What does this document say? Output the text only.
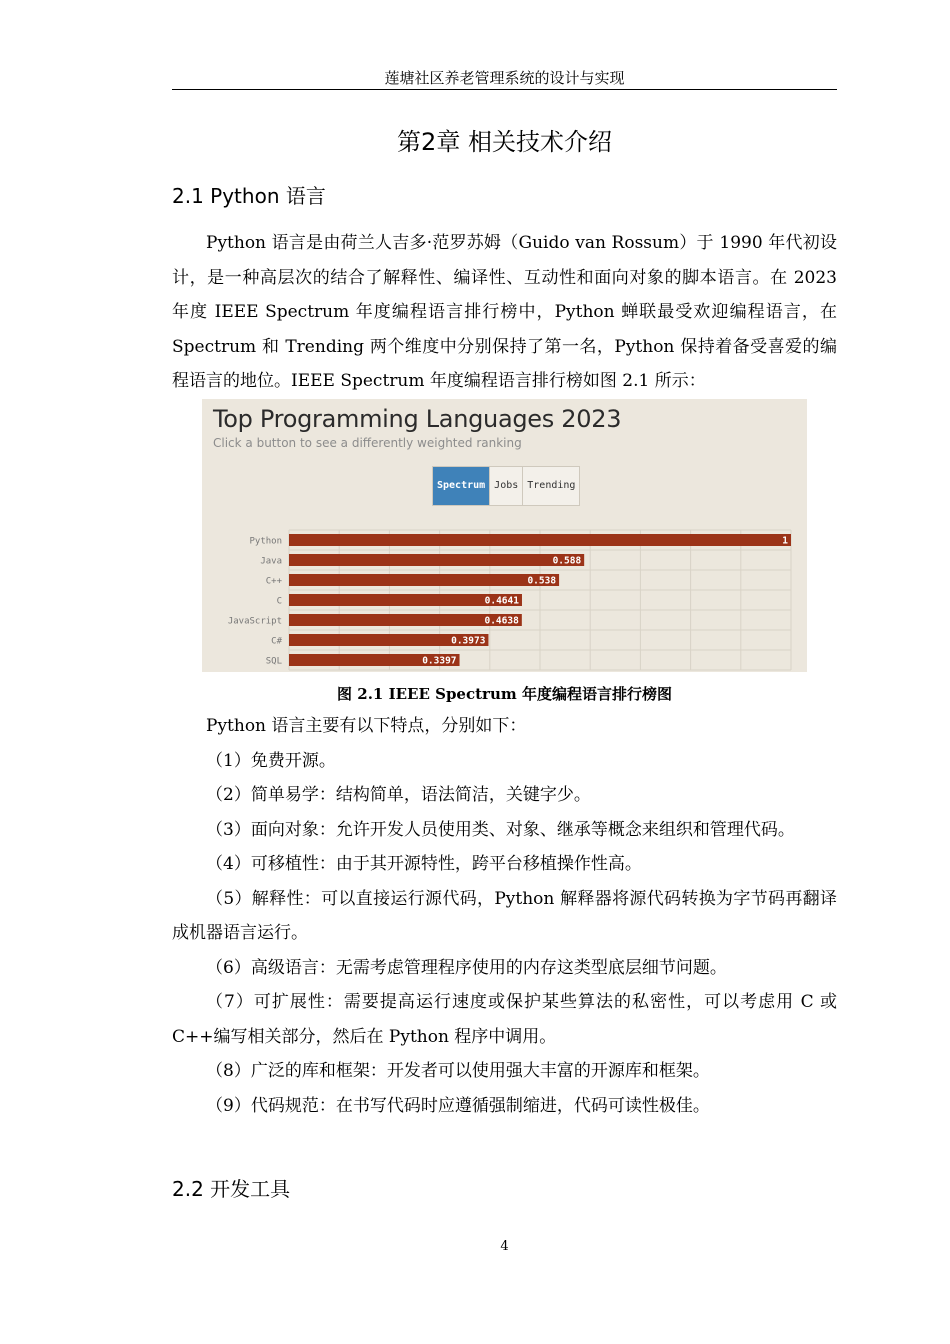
莲塘社区养老管理系统的设计与实现
第2章 相关技术介绍
2.1 Python 语言

Python 语言是由荷兰人吉多·范罗苏姆（Guido van Rossum）于 1990 年代初设计，是一种高层次的结合了解释性、编译性、互动性和面向对象的脚本语言。在 2023 年度 IEEE Spectrum 年度编程语言排行榜中，Python 蝉联最受欢迎编程语言，在 Spectrum 和 Trending 两个维度中分别保持了第一名，Python 保持着备受喜爱的编程语言的地位。IEEE Spectrum 年度编程语言排行榜如图 2.1 所示：

Python	1
Java	0.588
C++	0.538
C	0.4641
JavaScript	0.4638
C#	0.3973
SQL	0.3397
Top Programming Languages 2023
Click a button to see a differently weighted ranking
Spectrum Jobs Trending
图 2.1 IEEE Spectrum 年度编程语言排行榜图

Python 语言主要有以下特点，分别如下：

（1）免费开源。

（2）简单易学：结构简单，语法简洁，关键字少。

（3）面向对象：允许开发人员使用类、对象、继承等概念来组织和管理代码。

（4）可移植性：由于其开源特性，跨平台移植操作性高。

（5）解释性：可以直接运行源代码，Python 解释器将源代码转换为字节码再翻译成机器语言运行。

（6）高级语言：无需考虑管理程序使用的内存这类型底层细节问题。

（7）可扩展性：需要提高运行速度或保护某些算法的私密性，可以考虑用 C 或 C++编写相关部分，然后在 Python 程序中调用。

（8）广泛的库和框架：开发者可以使用强大丰富的开源库和框架。

（9）代码规范：在书写代码时应遵循强制缩进，代码可读性极佳。

2.2 开发工具
4
